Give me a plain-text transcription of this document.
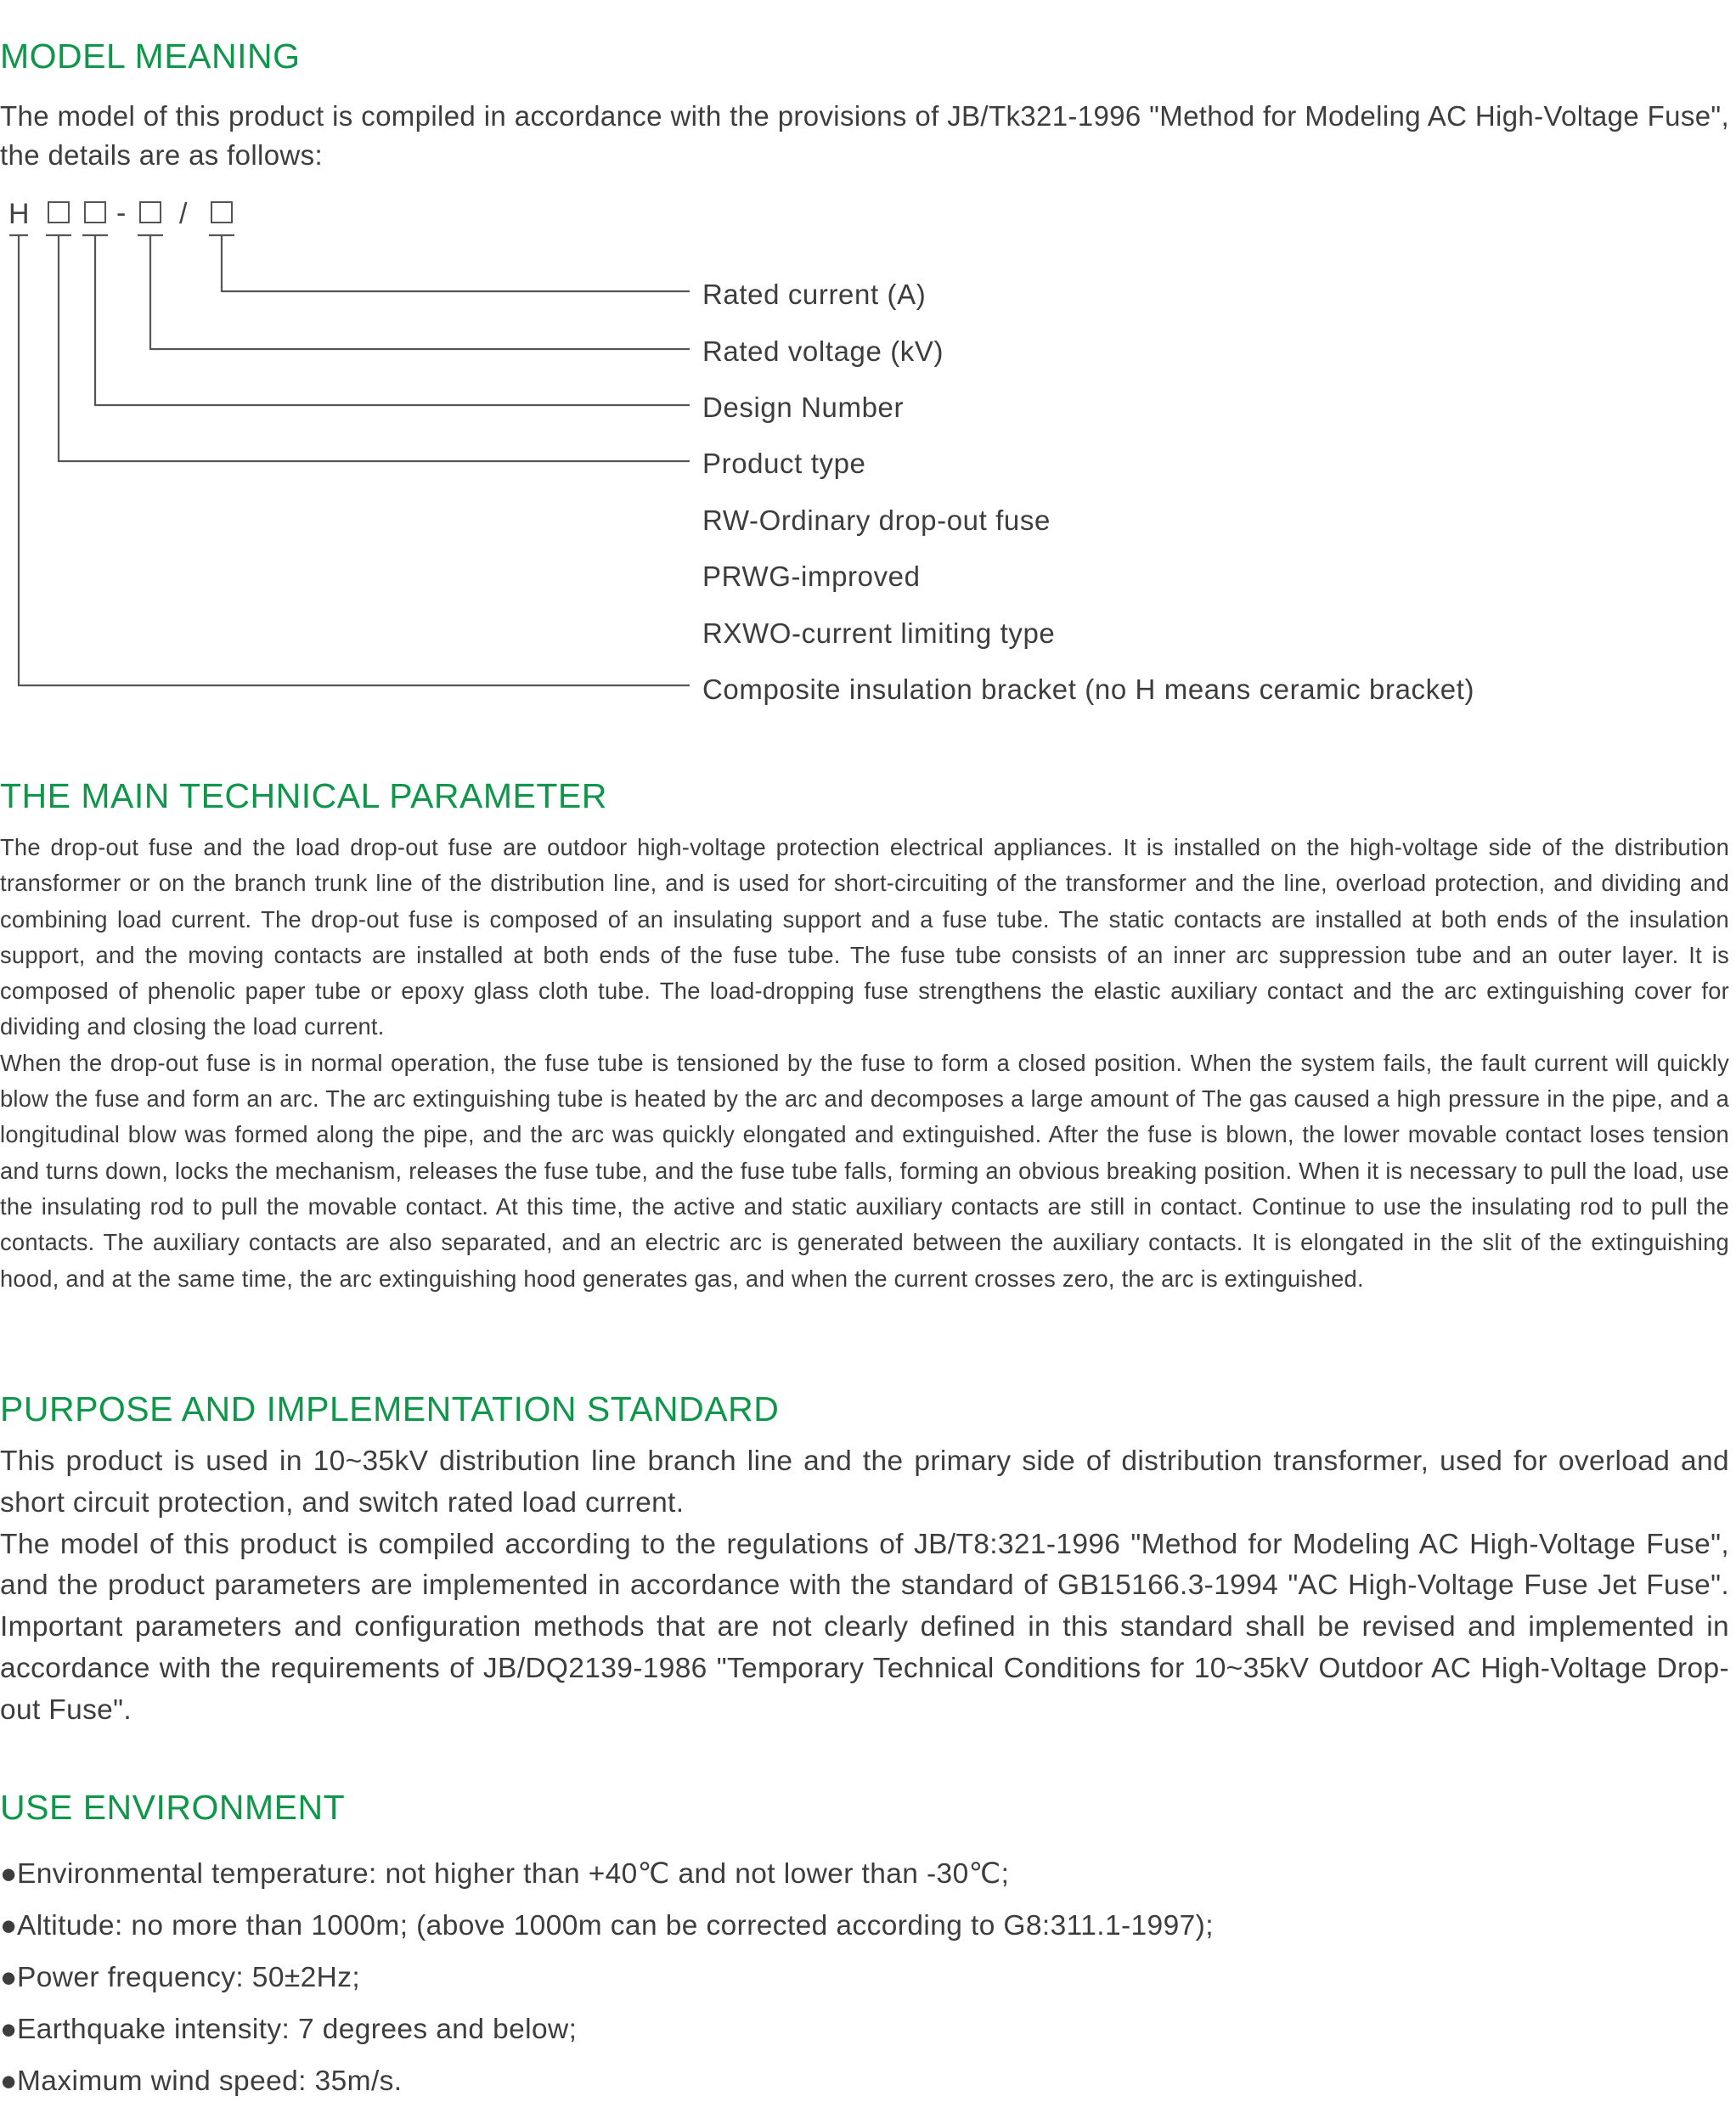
MODEL MEANING

The model of this product is compiled in accordance with the provisions of JB/Tk321-1996 "Method for Modeling AC High-Voltage Fuse", the details are as follows:

H	- /
Rated current (A)
Rated voltage (kV)
Design Number
Product type
RW-Ordinary drop-out fuse
PRWG-improved
RXWO-current limiting type
Composite insulation bracket (no H means ceramic bracket)
THE MAIN TECHNICAL PARAMETER

The drop-out fuse and the load drop-out fuse are outdoor high-voltage protection electrical appliances. It is installed on the high-voltage side of the distribution transformer or on the branch trunk line of the distribution line, and is used for short-circuiting of the transformer and the line, overload protection, and dividing and combining load current. The drop-out fuse is composed of an insulating support and a fuse tube. The static contacts are installed at both ends of the insulation support, and the moving contacts are installed at both ends of the fuse tube. The fuse tube consists of an inner arc suppression tube and an outer layer. It is composed of phenolic paper tube or epoxy glass cloth tube. The load-dropping fuse strengthens the elastic auxiliary contact and the arc extinguishing cover for dividing and closing the load current.

When the drop-out fuse is in normal operation, the fuse tube is tensioned by the fuse to form a closed position. When the system fails, the fault current will quickly blow the fuse and form an arc. The arc extinguishing tube is heated by the arc and decomposes a large amount of The gas caused a high pressure in the pipe, and a longitudinal blow was formed along the pipe, and the arc was quickly elongated and extinguished. After the fuse is blown, the lower movable contact loses tension and turns down, locks the mechanism, releases the fuse tube, and the fuse tube falls, forming an obvious breaking position. When it is necessary to pull the load, use the insulating rod to pull the movable contact. At this time, the active and static auxiliary contacts are still in contact. Continue to use the insulating rod to pull the contacts. The auxiliary contacts are also separated, and an electric arc is generated between the auxiliary contacts. It is elongated in the slit of the extinguishing hood, and at the same time, the arc extinguishing hood generates gas, and when the current crosses zero, the arc is extinguished.

PURPOSE AND IMPLEMENTATION STANDARD

This product is used in 10~35kV distribution line branch line and the primary side of distribution transformer, used for overload and short circuit protection, and switch rated load current.

The model of this product is compiled according to the regulations of JB/T8:321-1996 "Method for Modeling AC High-Voltage Fuse", and the product parameters are implemented in accordance with the standard of GB15166.3-1994 "AC High-Voltage Fuse Jet Fuse". Important parameters and configuration methods that are not clearly defined in this standard shall be revised and implemented in accordance with the requirements of JB/DQ2139-1986 "Temporary Technical Conditions for 10~35kV Outdoor AC High-Voltage Drop-out Fuse".

USE ENVIRONMENT
●Environmental temperature: not higher than +40℃ and not lower than -30℃;
●Altitude: no more than 1000m; (above 1000m can be corrected according to G8:311.1-1997);
●Power frequency: 50±2Hz;
●Earthquake intensity: 7 degrees and below;
●Maximum wind speed: 35m/s.
